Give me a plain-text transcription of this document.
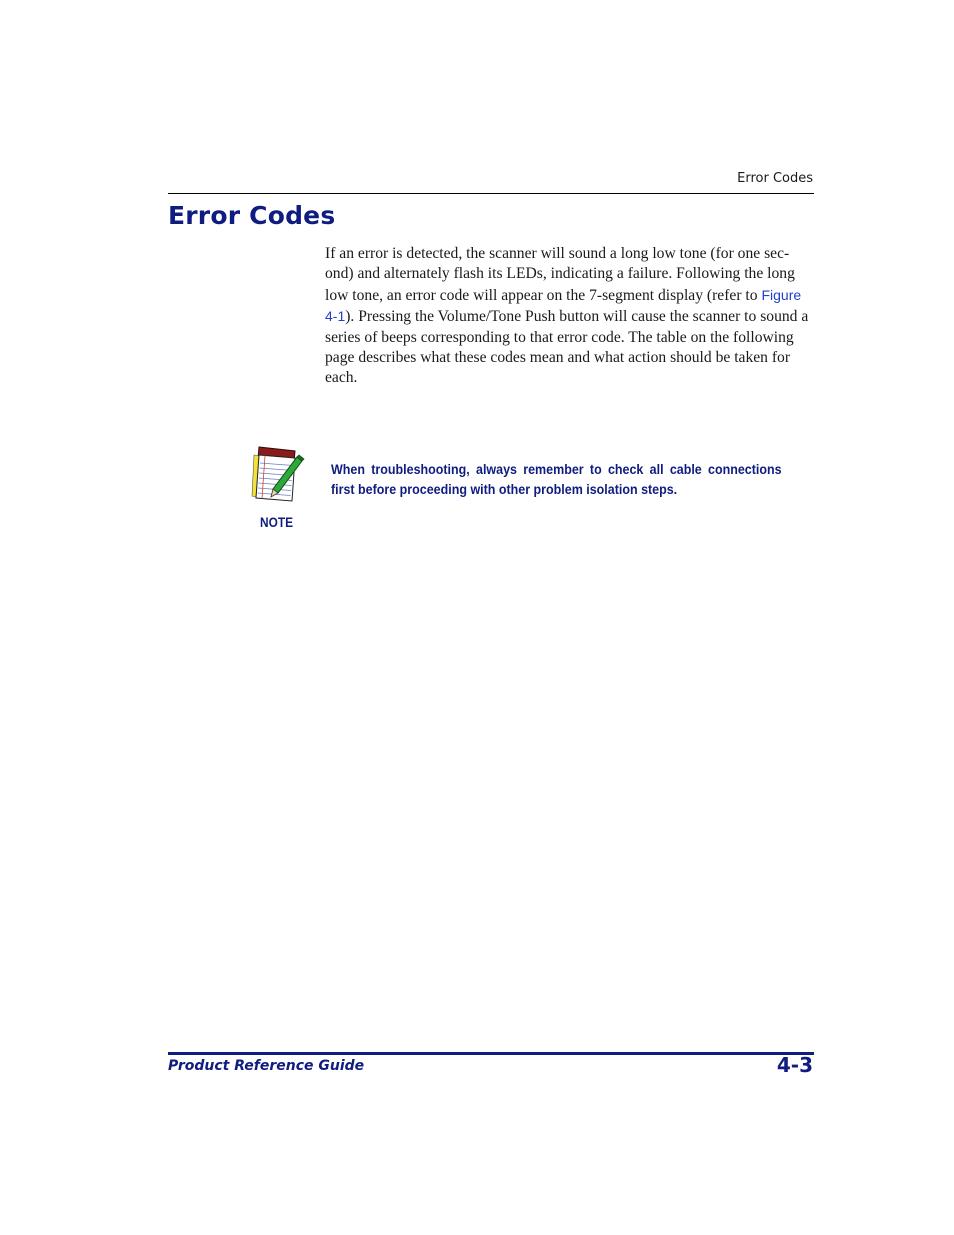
Error Codes
Error Codes

If an error is detected, the scanner will sound a long low tone (for one sec-ond) and alternately flash its LEDs, indicating a failure. Following the long low tone, an error code will appear on the 7-segment display (refer to Figure 4-1). Pressing the Volume/Tone Push button will cause the scanner to sound a series of beeps corresponding to that error code. The table on the following page describes what these codes mean and what action should be taken for each.

NOTE

When troubleshooting, always remember to check all cable connections first before proceeding with other problem isolation steps.

Product Reference Guide	4-3
